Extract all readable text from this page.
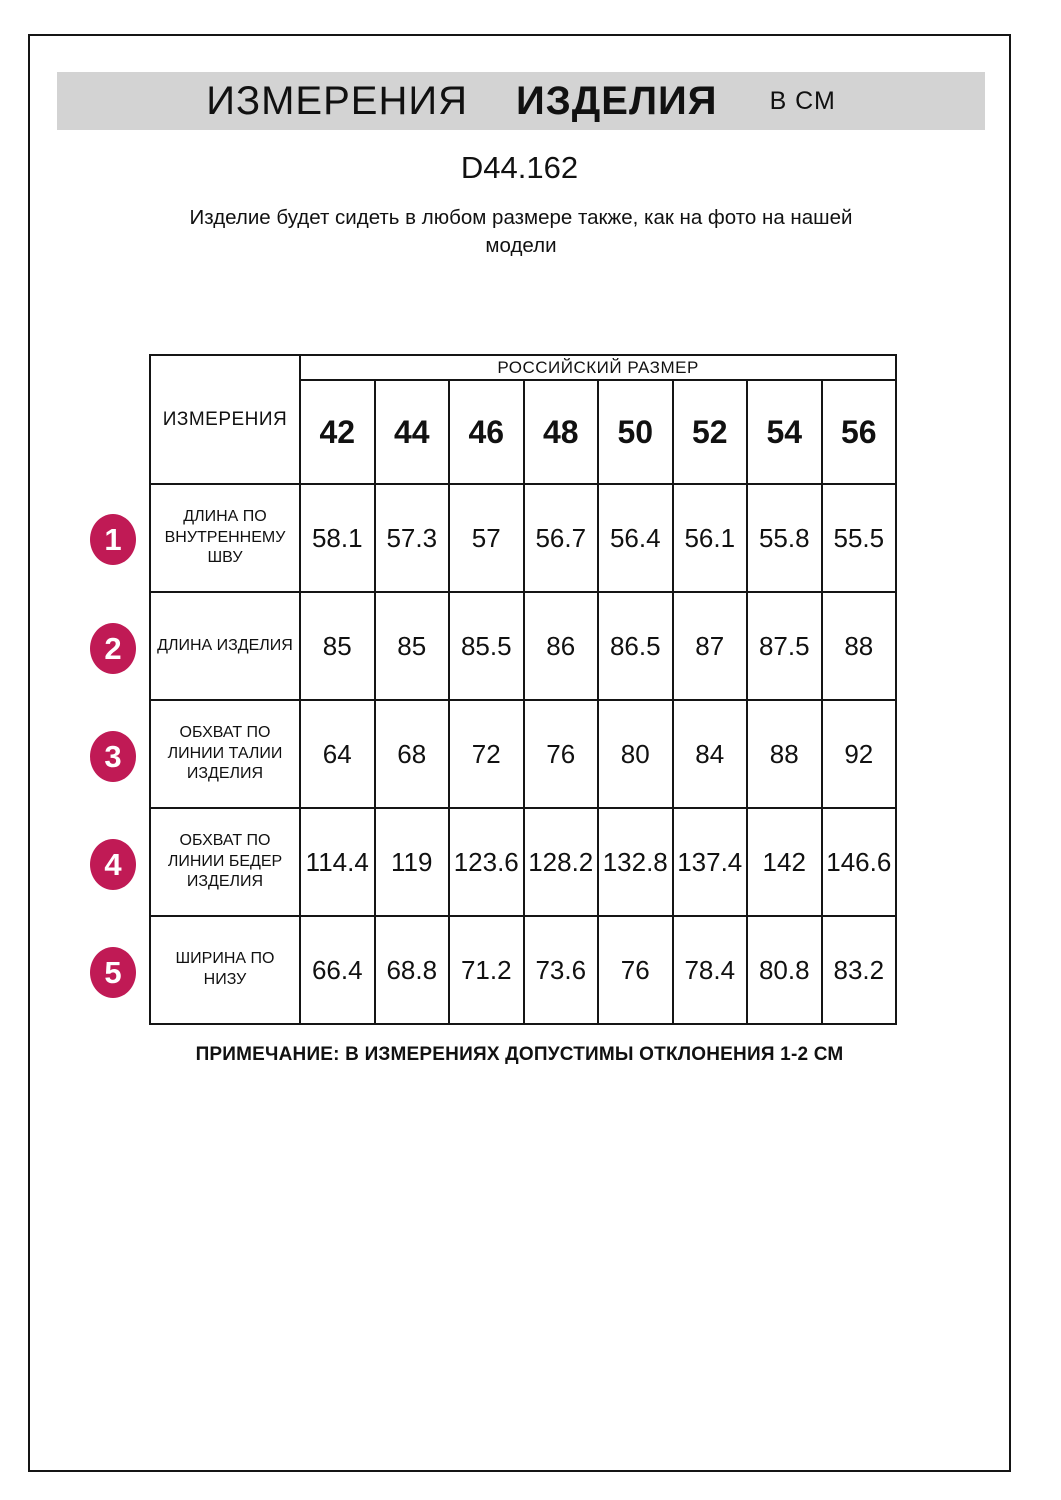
ИЗМЕРЕНИЯ ИЗДЕЛИЯ В СМ
D44.162
Изделие будет сидеть в любом размере также, как на фото на нашей модели
ИЗМЕРЕНИЯ	РОССИЙСКИЙ РАЗМЕР							
	42	44	46	48	50	52	54	56
ДЛИНА ПО ВНУТРЕННЕМУ ШВУ	58.1	57.3	57	56.7	56.4	56.1	55.8	55.5
ДЛИНА ИЗДЕЛИЯ	85	85	85.5	86	86.5	87	87.5	88
ОБХВАТ ПО ЛИНИИ ТАЛИИ ИЗДЕЛИЯ	64	68	72	76	80	84	88	92
ОБХВАТ ПО ЛИНИИ БЕДЕР ИЗДЕЛИЯ	114.4	119	123.6	128.2	132.8	137.4	142	146.6
ШИРИНА ПО НИЗУ	66.4	68.8	71.2	73.6	76	78.4	80.8	83.2
1
2
3
4
5
ПРИМЕЧАНИЕ: В ИЗМЕРЕНИЯХ ДОПУСТИМЫ ОТКЛОНЕНИЯ 1-2 СМ
